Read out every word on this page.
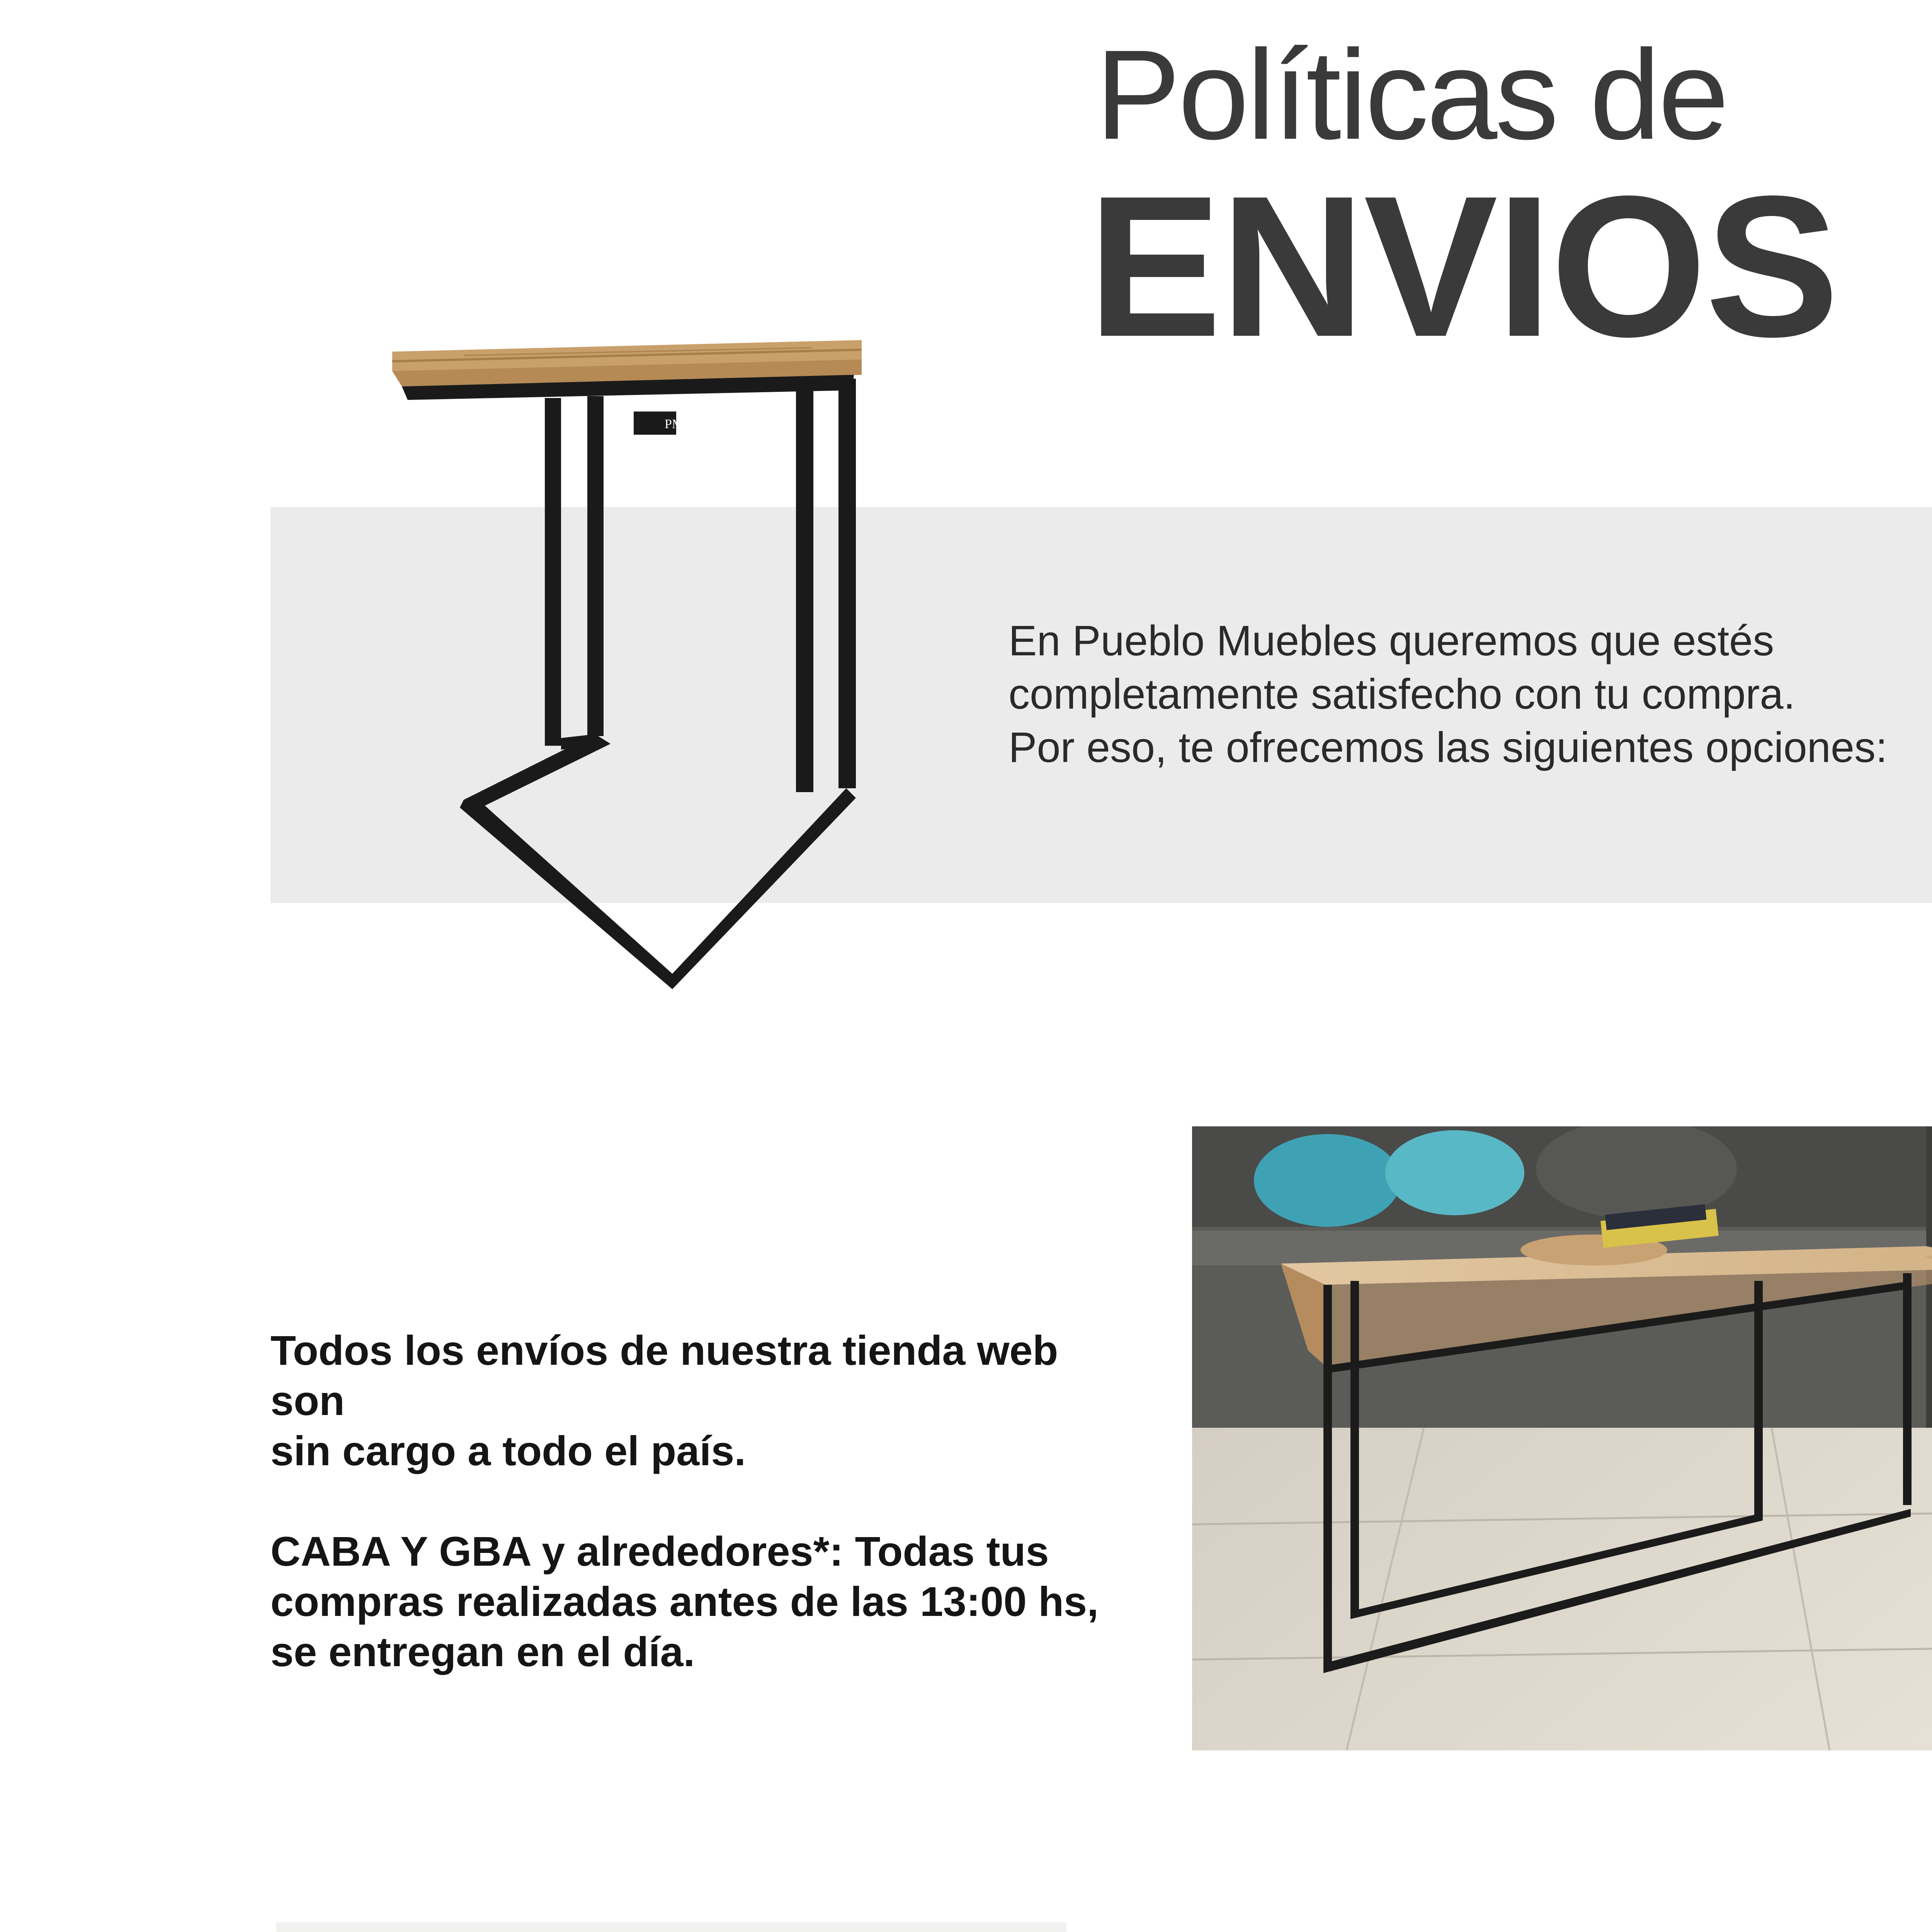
Políticas de
ENVIOS
PM

En Pueblo Muebles queremos que estés

completamente satisfecho con tu compra.

Por eso, te ofrecemos las siguientes opciones:

Todos los envíos de nuestra tienda web son
sin cargo a todo el país.

CABA Y GBA y alrededores*: Todas tus
compras realizadas antes de las 13:00 hs,
se entregan en el día.
